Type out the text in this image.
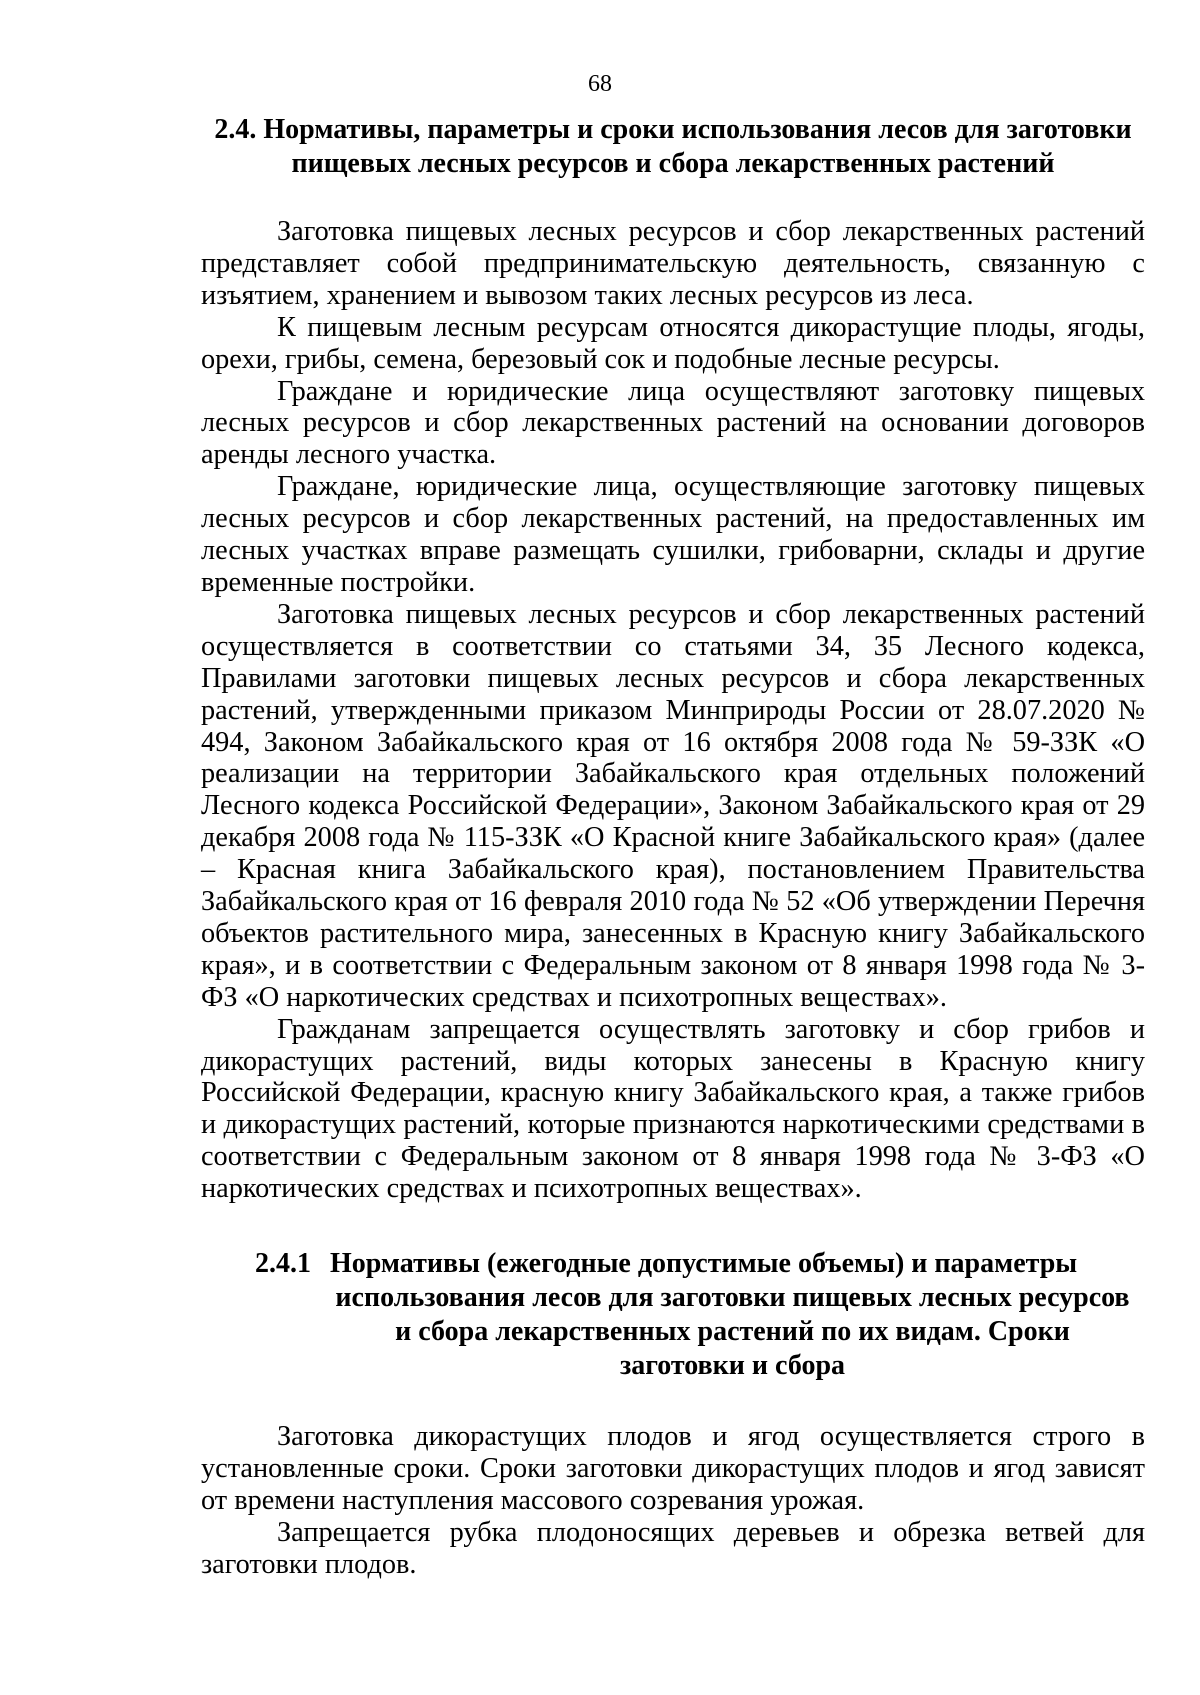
68
2.4. Нормативы, параметры и сроки использования лесов для заготовки
пищевых лесных ресурсов и сбора лекарственных растений

Заготовка пищевых лесных ресурсов и сбор лекарственных растений представляет собой предпринимательскую деятельность, связанную с изъятием, хранением и вывозом таких лесных ресурсов из леса.

К пищевым лесным ресурсам относятся дикорастущие плоды, ягоды, орехи, грибы, семена, березовый сок и подобные лесные ресурсы.

Граждане и юридические лица осуществляют заготовку пищевых лесных ресурсов и сбор лекарственных растений на основании договоров аренды лесного участка.

Граждане, юридические лица, осуществляющие заготовку пищевых лесных ресурсов и сбор лекарственных растений, на предоставленных им лесных участках вправе размещать сушилки, грибоварни, склады и другие временные постройки.

Заготовка пищевых лесных ресурсов и сбор лекарственных растений осуществляется в соответствии со статьями 34, 35 Лесного кодекса, Правилами заготовки пищевых лесных ресурсов и сбора лекарственных растений, утвержденными приказом Минприроды России от 28.07.2020 № 494, Законом Забайкальского края от 16 октября 2008 года № 59-ЗЗК «О реализации на территории Забайкальского края отдельных положений Лесного кодекса Российской Федерации», Законом Забайкальского края от 29 декабря 2008 года № 115-ЗЗК «О Красной книге Забайкальского края» (далее – Красная книга Забайкальского края), постановлением Правительства Забайкальского края от 16 февраля 2010 года № 52 «Об утверждении Перечня объектов растительного мира, занесенных в Красную книгу Забайкальского края», и в соответствии с Федеральным законом от 8 января 1998 года № 3-ФЗ «О наркотических средствах и психотропных веществах».

Гражданам запрещается осуществлять заготовку и сбор грибов и дикорастущих растений, виды которых занесены в Красную книгу Российской Федерации, красную книгу Забайкальского края, а также грибов и дикорастущих растений, которые признаются наркотическими средствами в соответствии с Федеральным законом от 8 января 1998 года № 3-ФЗ «О наркотических средствах и психотропных веществах».

2.4.1 Нормативы (ежегодные допустимые объемы) и параметры
использования лесов для заготовки пищевых лесных ресурсов и сбора лекарственных растений по их видам. Сроки заготовки и сбора

Заготовка дикорастущих плодов и ягод осуществляется строго в установленные сроки. Сроки заготовки дикорастущих плодов и ягод зависят от времени наступления массового созревания урожая.

Запрещается рубка плодоносящих деревьев и обрезка ветвей для заготовки плодов.
